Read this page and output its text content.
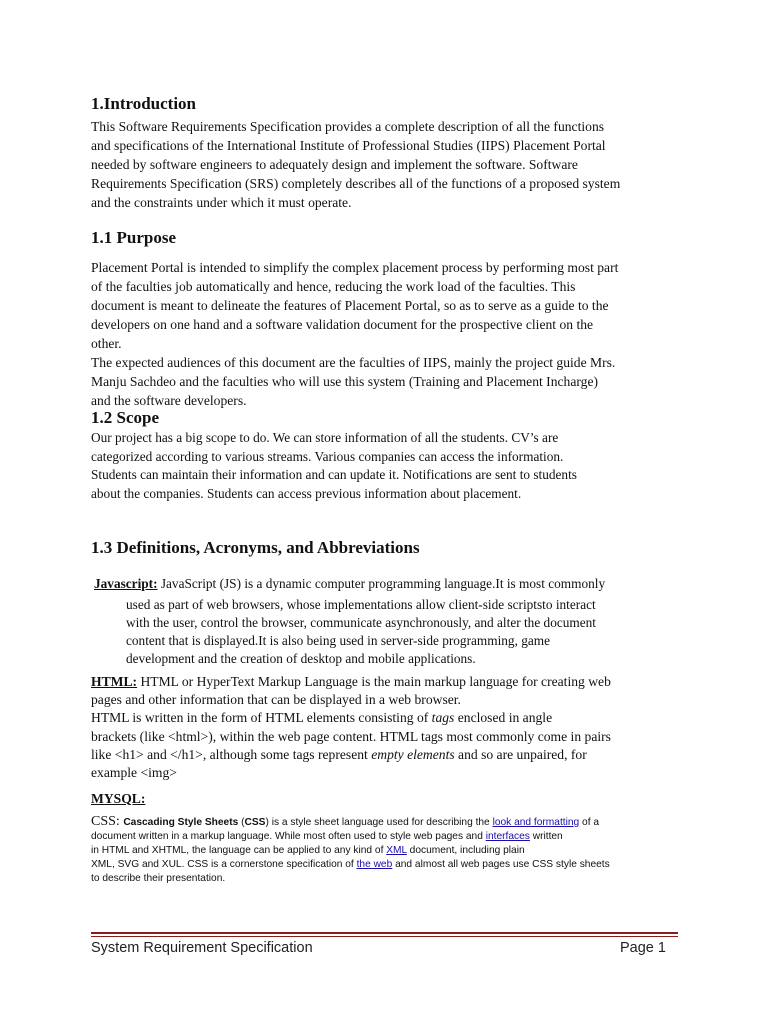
1.Introduction

This Software Requirements Specification provides a complete description of all the functions

and specifications of the International Institute of Professional Studies (IIPS) Placement Portal

needed by software engineers to adequately design and implement the software. Software

Requirements Specification (SRS) completely describes all of the functions of a proposed system

and the constraints under which it must operate.

1.1 Purpose

Placement Portal is intended to simplify the complex placement process by performing most part

of the faculties job automatically and hence, reducing the work load of the faculties. This

document is meant to delineate the features of Placement Portal, so as to serve as a guide to the

developers on one hand and a software validation document for the prospective client on the

other.

The expected audiences of this document are the faculties of IIPS, mainly the project guide Mrs.

Manju Sachdeo and the faculties who will use this system (Training and Placement Incharge)

and the software developers.

1.2 Scope

Our project has a big scope to do. We can store information of all the students. CV’s are

categorized according to various streams. Various companies can access the information.

Students can maintain their information and can update it. Notifications are sent to students

about the companies. Students can access previous information about placement.

1.3 Definitions, Acronyms, and Abbreviations
Javascript: JavaScript (JS) is a dynamic computer programming language.It is most commonly
used as part of web browsers, whose implementations allow client-side scriptsto interact
with the user, control the browser, communicate asynchronously, and alter the document
content that is displayed.It is also being used in server-side programming, game
development and the creation of desktop and mobile applications.

HTML: HTML or HyperText Markup Language is the main markup language for creating web

pages and other information that can be displayed in a web browser.

HTML is written in the form of HTML elements consisting of tags enclosed in angle

brackets (like <html>), within the web page content. HTML tags most commonly come in pairs

like <h1> and </h1>, although some tags represent empty elements and so are unpaired, for

example <img>

MYSQL:
CSS: Cascading Style Sheets (CSS) is a style sheet language used for describing the look and formatting of a
document written in a markup language. While most often used to style web pages and interfaces written
in HTML and XHTML, the language can be applied to any kind of XML document, including plain
XML, SVG and XUL. CSS is a cornerstone specification of the web and almost all web pages use CSS style sheets
to describe their presentation.
System Requirement Specification	Page 1
